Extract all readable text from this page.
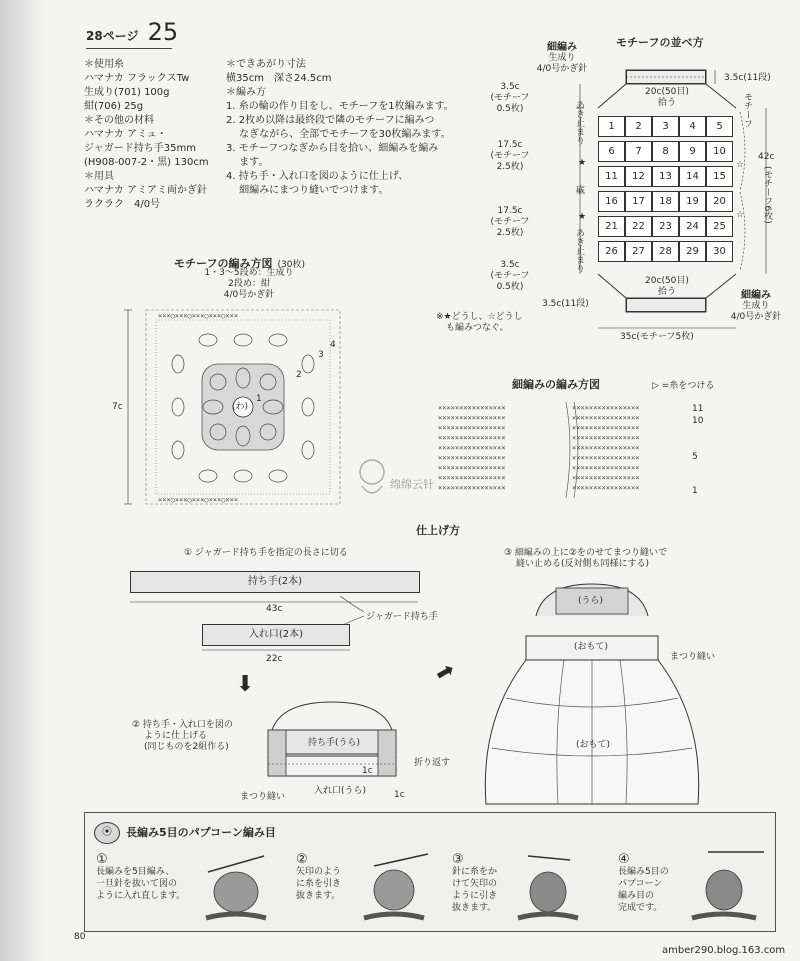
28ページ 25
＊使用糸
ハマナカ フラックスTw
生成り(701) 100g
紺(706) 25g
＊その他の材料
ハマナカ アミュ・
ジャガード持ち手35mm
(H908-007-2・黒) 130cm
＊用具
ハマナカ アミアミ両かぎ針
ラクラク　4/0号
＊できあがり寸法
横35cm　深さ24.5cm
＊編み方
1. 糸の輪の作り目をし、モチーフを1枚編みます。
2. 2枚め以降は最終段で隣のモチーフに編みつ
　 なぎながら、全部でモチーフを30枚編みます。
3. モチーフつなぎから目を拾い、細編みを編み
　 ます。
4. 持ち手・入れ口を図のように仕上げ、
　 細編みにまつり縫いでつけます。
モチーフの並べ方
細編み
生成り
4/0号かぎ針
3.5c(11段)
20c(50目)
拾う
1	2	3	4	5
6	7	8	9	10
11	12	13	14	15
16	17	18	19	20
21	22	23	24	25
26	27	28	29	30
3.5c
(モチーフ
0.5枚)
17.5c
(モチーフ
2.5枚)
17.5c
(モチーフ
2.5枚)
3.5c
(モチーフ
0.5枚)
あき止まり
★
底
★
あき止まり
モチーフ
☆
☆
42c
(モチーフ6枚)
20c(50目)
拾う
3.5c(11段)
細編み
生成り
4/0号かぎ針
35c(モチーフ5枚)
※★どうし、☆どうし
も編みつなぐ。
モチーフの編み方図 (30枚)
1・3〜5段め：生成り
2段め：紺
4/0号かぎ針
×××○×××○×××○×××○×××
×××○×××○×××○×××○×××
7c	(わ)
1
2
3
4
绵绵云针
細編みの編み方図	▷ =糸をつける
××××××××××××××××	××××××××××××××××
××××××××××××××××	××××××××××××××××
××××××××××××××××	××××××××××××××××
××××××××××××××××	××××××××××××××××
××××××××××××××××	××××××××××××××××
××××××××××××××××	××××××××××××××××
××××××××××××××××	××××××××××××××××
××××××××××××××××	××××××××××××××××
××××××××××××××××	××××××××××××××××
11
10
5
1
仕上げ方
① ジャガード持ち手を指定の長さに切る
持ち手(2本)
43c
ジャガード持ち手
入れ口(2本)
22c
⬇	➡
② 持ち手・入れ口を図の
ように仕上げる
(同じものを2組作る)	持ち手(うら)
1c
折り返す
まつり縫い
入れ口(うら)	1c
③ 細編みの上に②をのせてまつり縫いで
縫い止める(反対側も同様にする)
(うら)
(おもて)
まつり縫い
(おもて)
⦿	長編み5目のパプコーン編み目
①
長編みを5目編み、
一旦針を抜いて図の
ように入れ直します。
②
矢印のよう
に糸を引き
抜きます。
③
針に糸をか
けて矢印の
ように引き
抜きます。
④
長編み5目の
パプコーン
編み目の
完成です。
80
amber290.blog.163.com
